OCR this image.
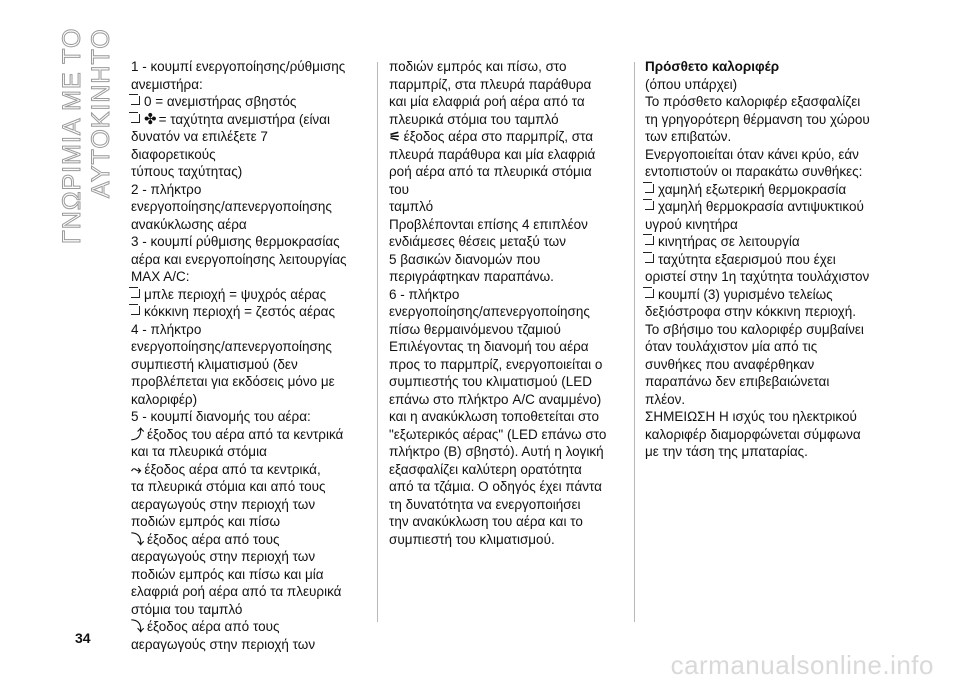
ΓΝΩΡΙΜΙΑ ΜΕ ΤΟ ΑΥΤΟΚΙΝΗΤΟ 1 - κουμπί ενεργοποίησης/ρύθμισης

ανεμιστήρα:

0 = ανεμιστήρας σβηστός

✤ = ταχύτητα ανεμιστήρα (είναι

δυνατόν να επιλέξετε 7 διαφορετικούς

τύπους ταχύτητας)

2 - πλήκτρο

ενεργοποίησης/απενεργοποίησης

ανακύκλωσης αέρα

3 - κουμπί ρύθμισης θερμοκρασίας

αέρα και ενεργοποίησης λειτουργίας

MAX A/C:

μπλε περιοχή = ψυχρός αέρας

κόκκινη περιοχή = ζεστός αέρας

4 - πλήκτρο

ενεργοποίησης/απενεργοποίησης

συμπιεστή κλιματισμού (δεν

προβλέπεται για εκδόσεις μόνο με

καλοριφέρ)

5 - κουμπί διανομής του αέρα:

⤴ έξοδος του αέρα από τα κεντρικά

και τα πλευρικά στόμια

⤳ έξοδος αέρα από τα κεντρικά,

τα πλευρικά στόμια και από τους

αεραγωγούς στην περιοχή των

ποδιών εμπρός και πίσω

⤵ έξοδος αέρα από τους

αεραγωγούς στην περιοχή των

ποδιών εμπρός και πίσω και μία

ελαφριά ροή αέρα από τα πλευρικά

στόμια του ταμπλό

⤵ έξοδος αέρα από τους

αεραγωγούς στην περιοχή των

ποδιών εμπρός και πίσω, στο

παρμπρίζ, στα πλευρά παράθυρα

και μία ελαφριά ροή αέρα από τα

πλευρικά στόμια του ταμπλό

⚟ έξοδος αέρα στο παρμπρίζ, στα

πλευρά παράθυρα και μία ελαφριά

ροή αέρα από τα πλευρικά στόμια του

ταμπλό

Προβλέπονται επίσης 4 επιπλέον

ενδιάμεσες θέσεις μεταξύ των

5 βασικών διανομών που

περιγράφτηκαν παραπάνω.

6 - πλήκτρο

ενεργοποίησης/απενεργοποίησης

πίσω θερμαινόμενου τζαμιού

Επιλέγοντας τη διανομή του αέρα

προς το παρμπρίζ, ενεργοποιείται ο

συμπιεστής του κλιματισμού (LED

επάνω στο πλήκτρο A/C αναμμένο)

και η ανακύκλωση τοποθετείται στο

"εξωτερικός αέρας" (LED επάνω στο

πλήκτρο (B) σβηστό). Αυτή η λογική

εξασφαλίζει καλύτερη ορατότητα

από τα τζάμια. Ο οδηγός έχει πάντα

τη δυνατότητα να ενεργοποιήσει

την ανακύκλωση του αέρα και το

συμπιεστή του κλιματισμού.

Πρόσθετο καλοριφέρ

(όπου υπάρχει)

Το πρόσθετο καλοριφέρ εξασφαλίζει

τη γρηγορότερη θέρμανση του χώρου

των επιβατών.

Ενεργοποιείται όταν κάνει κρύο, εάν

εντοπιστούν οι παρακάτω συνθήκες:

χαμηλή εξωτερική θερμοκρασία

χαμηλή θερμοκρασία αντιψυκτικού

υγρού κινητήρα

κινητήρας σε λειτουργία

ταχύτητα εξαερισμού που έχει

οριστεί στην 1η ταχύτητα τουλάχιστον

κουμπί (3) γυρισμένο τελείως

δεξιόστροφα στην κόκκινη περιοχή.

Το σβήσιμο του καλοριφέρ συμβαίνει

όταν τουλάχιστον μία από τις

συνθήκες που αναφέρθηκαν

παραπάνω δεν επιβεβαιώνεται πλέον.

ΣΗΜΕΙΩΣΗ Η ισχύς του ηλεκτρικού

καλοριφέρ διαμορφώνεται σύμφωνα

με την τάση της μπαταρίας.

34
carmanualsonline.info
